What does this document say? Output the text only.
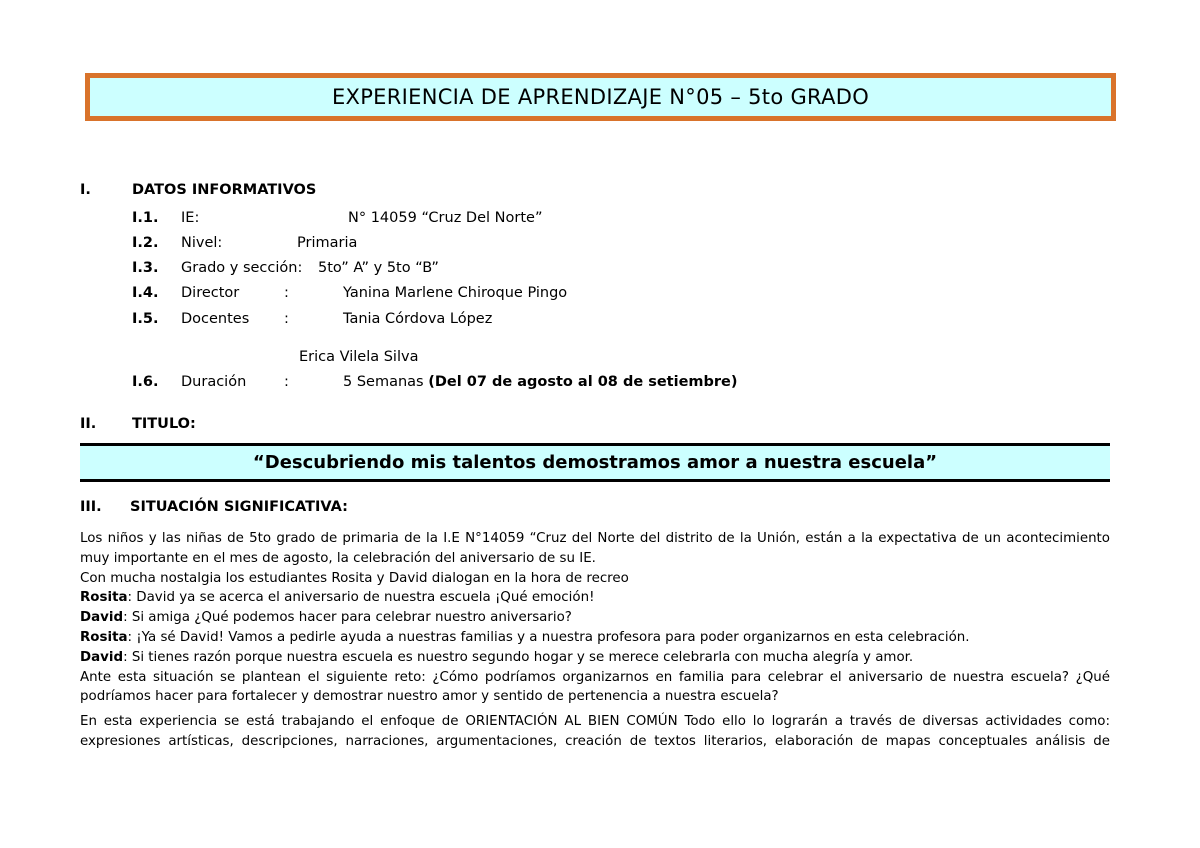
EXPERIENCIA DE APRENDIZAJE N°05 – 5to GRADO
I.	DATOS INFORMATIVOS
I.1. IE:	N° 14059 “Cruz Del Norte”
I.2. Nivel:	Primaria
I.3. Grado y sección: 5to” A” y 5to “B”
I.4. Director	:	Yanina Marlene Chiroque Pingo
I.5. Docentes :	Tania Córdova López
Erica Vilela Silva
I.6. Duración	:	5 Semanas (Del 07 de agosto al 08 de setiembre)
II. TITULO:
“Descubriendo mis talentos demostramos amor a nuestra escuela”
III. SITUACIÓN SIGNIFICATIVA:

Los niños y las niñas de 5to grado de primaria de la I.E N°14059 “Cruz del Norte del distrito de la Unión, están a la expectativa de un acontecimiento muy importante en el mes de agosto, la celebración del aniversario de su IE.

Con mucha nostalgia los estudiantes Rosita y David dialogan en la hora de recreo

Rosita: David ya se acerca el aniversario de nuestra escuela ¡Qué emoción!

David: Si amiga ¿Qué podemos hacer para celebrar nuestro aniversario?

Rosita: ¡Ya sé David! Vamos a pedirle ayuda a nuestras familias y a nuestra profesora para poder organizarnos en esta celebración.

David: Si tienes razón porque nuestra escuela es nuestro segundo hogar y se merece celebrarla con mucha alegría y amor.

Ante esta situación se plantean el siguiente reto: ¿Cómo podríamos organizarnos en familia para celebrar el aniversario de nuestra escuela? ¿Qué podríamos hacer para fortalecer y demostrar nuestro amor y sentido de pertenencia a nuestra escuela?

En esta experiencia se está trabajando el enfoque de ORIENTACIÓN AL BIEN COMÚN Todo ello lo lograrán a través de diversas actividades como:

expresiones artísticas, descripciones, narraciones, argumentaciones, creación de textos literarios, elaboración de mapas conceptuales análisis de
